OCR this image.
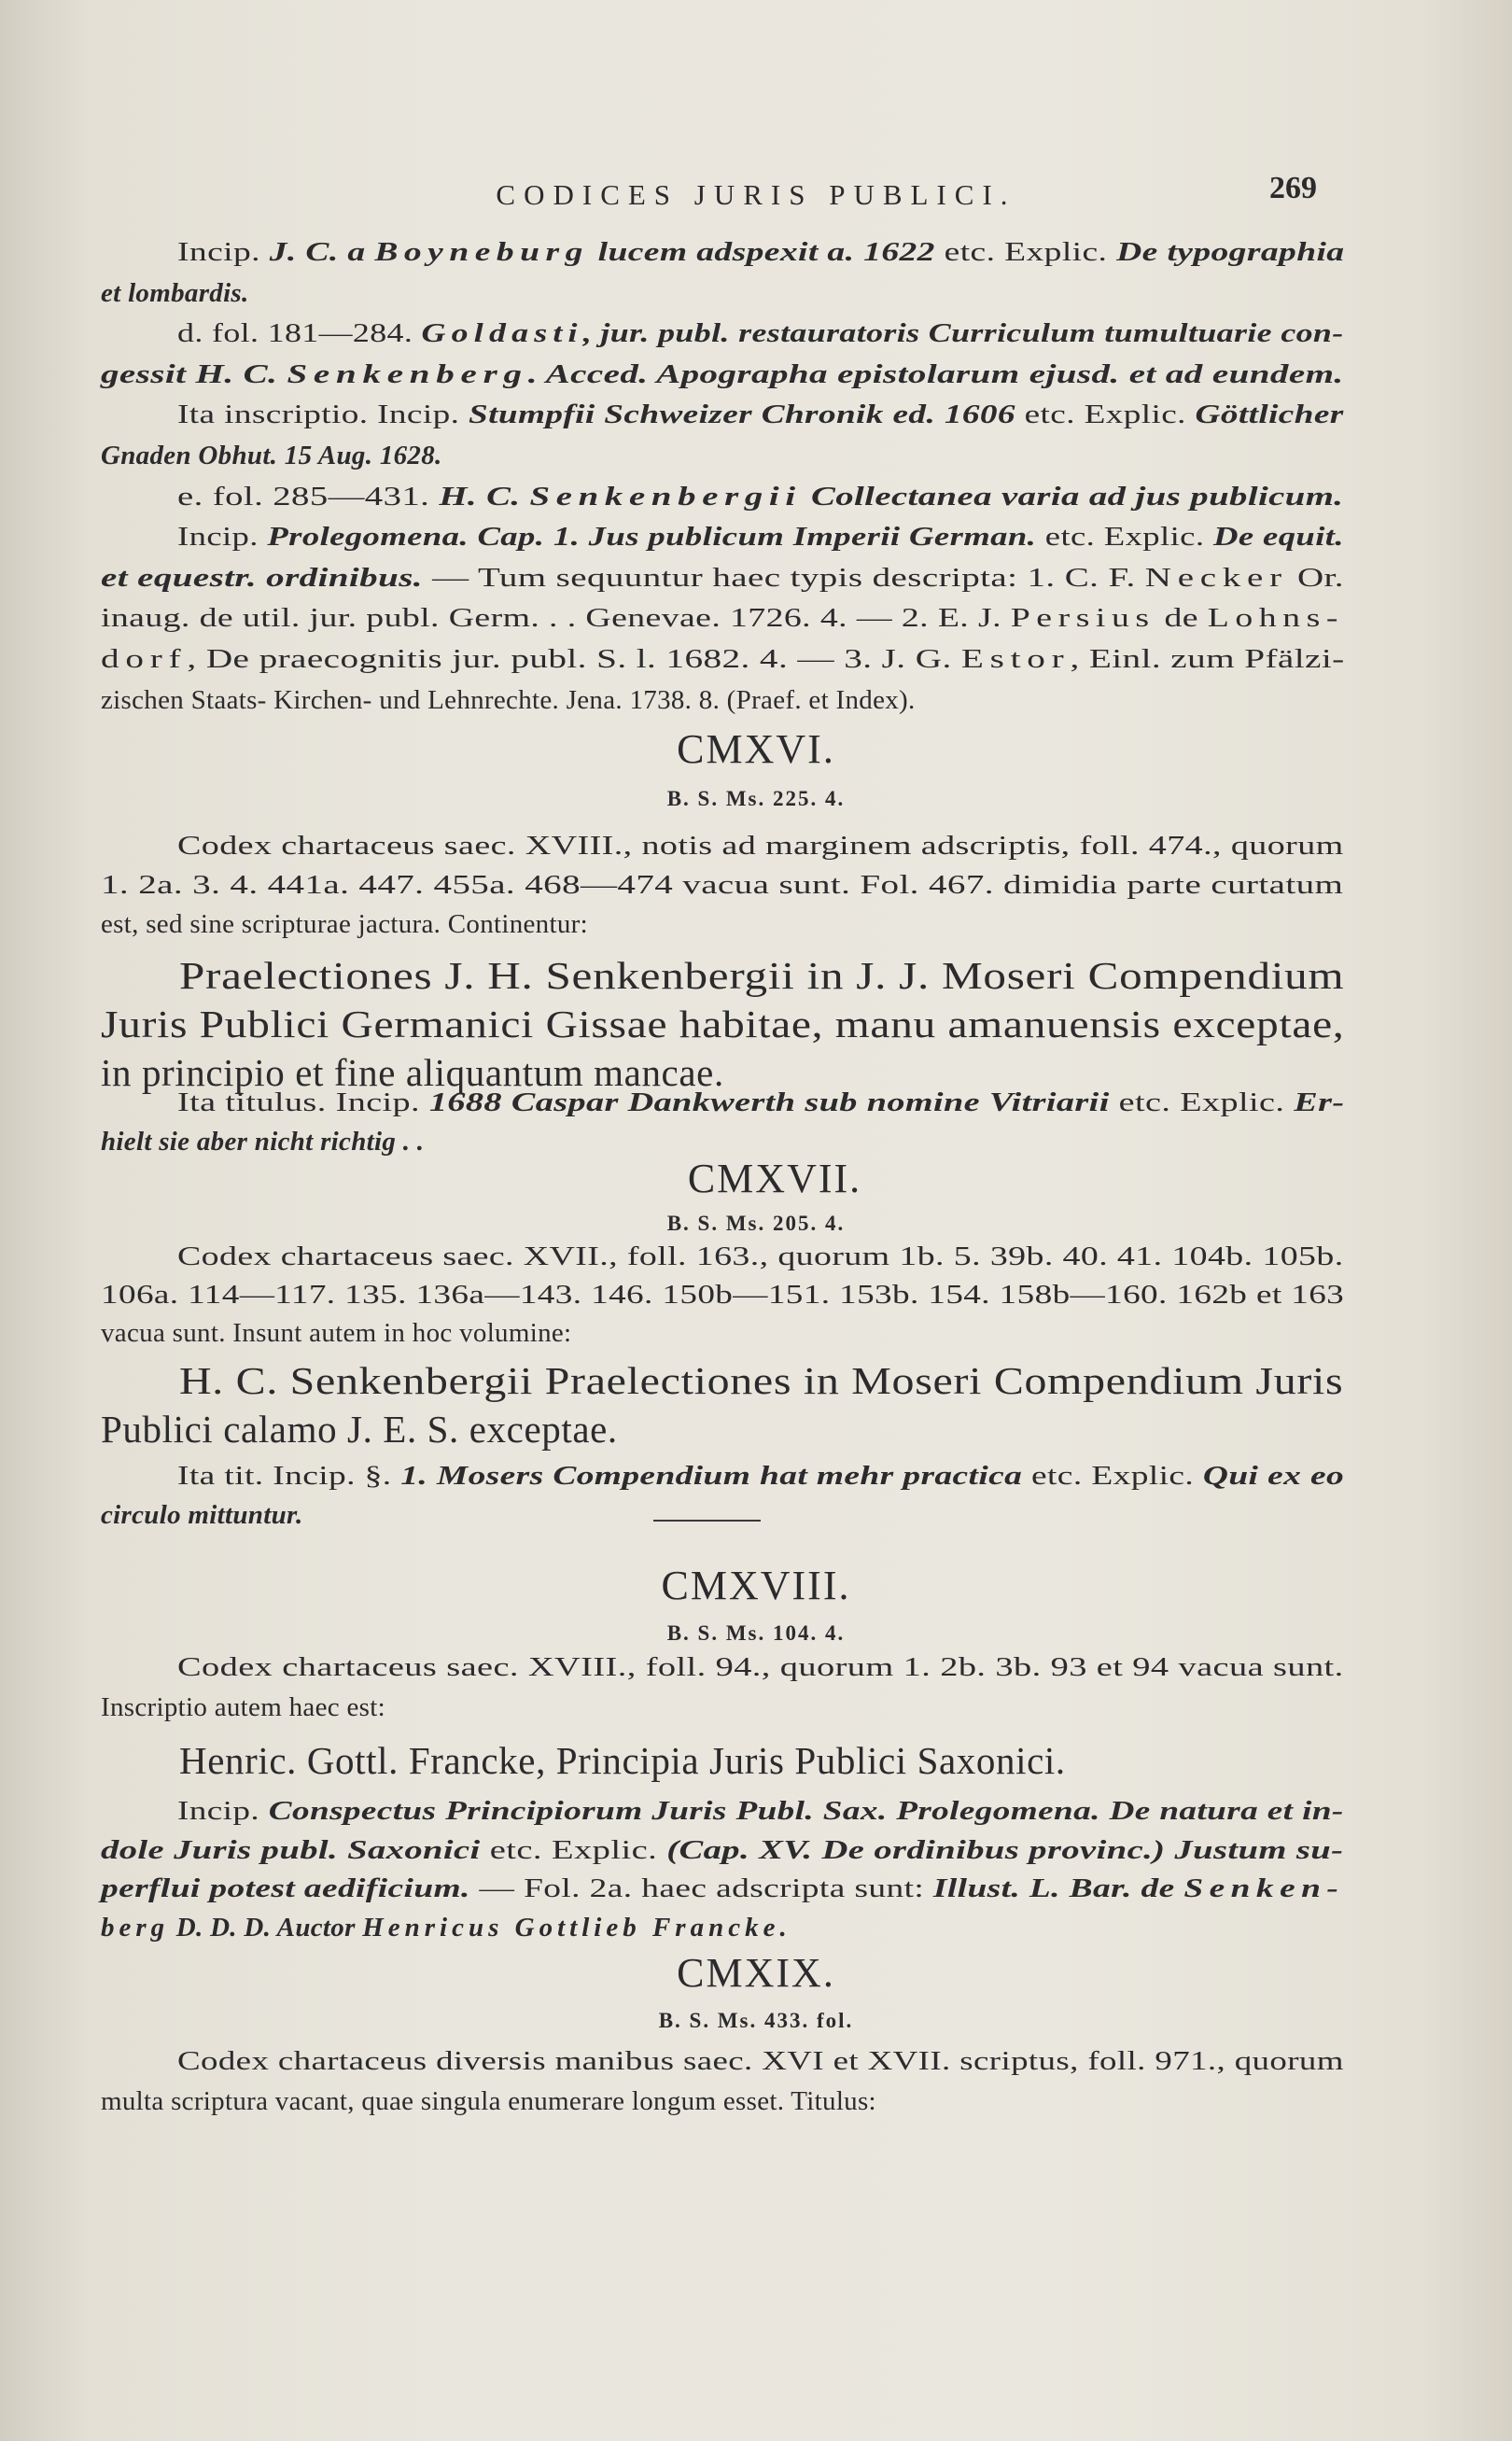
CODICES JURIS PUBLICI.	269
Incip. J. C. a Boyneburg lucem adspexit a. 1622 etc. Explic. De typographia
et lombardis.
d. fol. 181—284. Goldasti, jur. publ. restauratoris Curriculum tumultuarie con-
gessit H. C. Senkenberg. Acced. Apographa epistolarum ejusd. et ad eundem.
Ita inscriptio. Incip. Stumpfii Schweizer Chronik ed. 1606 etc. Explic. Göttlicher
Gnaden Obhut. 15 Aug. 1628.
e. fol. 285—431. H. C. Senkenbergii Collectanea varia ad jus publicum.
Incip. Prolegomena. Cap. 1. Jus publicum Imperii German. etc. Explic. De equit.
et equestr. ordinibus. — Tum sequuntur haec typis descripta: 1. C. F. Necker Or.
inaug. de util. jur. publ. Germ. . . Genevae. 1726. 4. — 2. E. J. Persius de Lohns-
dorf, De praecognitis jur. publ. S. l. 1682. 4. — 3. J. G. Estor, Einl. zum Pfälzi-
zischen Staats- Kirchen- und Lehnrechte. Jena. 1738. 8. (Praef. et Index).
CMXVI.
B. S. Ms. 225. 4.
Codex chartaceus saec. XVIII., notis ad marginem adscriptis, foll. 474., quorum
1. 2a. 3. 4. 441a. 447. 455a. 468—474 vacua sunt. Fol. 467. dimidia parte curtatum
est, sed sine scripturae jactura. Continentur:
Praelectiones J. H. Senkenbergii in J. J. Moseri Compendium
Juris Publici Germanici Gissae habitae, manu amanuensis exceptae,
in principio et fine aliquantum mancae.
Ita titulus. Incip. 1688 Caspar Dankwerth sub nomine Vitriarii etc. Explic. Er-
hielt sie aber nicht richtig . .
CMXVII.
B. S. Ms. 205. 4.
Codex chartaceus saec. XVII., foll. 163., quorum 1b. 5. 39b. 40. 41. 104b. 105b.
106a. 114—117. 135. 136a—143. 146. 150b—151. 153b. 154. 158b—160. 162b et 163
vacua sunt. Insunt autem in hoc volumine:
H. C. Senkenbergii Praelectiones in Moseri Compendium Juris
Publici calamo J. E. S. exceptae.
Ita tit. Incip. §. 1. Mosers Compendium hat mehr practica etc. Explic. Qui ex eo
circulo mittuntur.
CMXVIII.
B. S. Ms. 104. 4.
Codex chartaceus saec. XVIII., foll. 94., quorum 1. 2b. 3b. 93 et 94 vacua sunt.
Inscriptio autem haec est:
Henric. Gottl. Francke, Principia Juris Publici Saxonici.
Incip. Conspectus Principiorum Juris Publ. Sax. Prolegomena. De natura et in-
dole Juris publ. Saxonici etc. Explic. (Cap. XV. De ordinibus provinc.) Justum su-
perflui potest aedificium. — Fol. 2a. haec adscripta sunt: Illust. L. Bar. de Senken-
berg D. D. D. Auctor Henricus Gottlieb Francke.
CMXIX.
B. S. Ms. 433. fol.
Codex chartaceus diversis manibus saec. XVI et XVII. scriptus, foll. 971., quorum
multa scriptura vacant, quae singula enumerare longum esset. Titulus:
